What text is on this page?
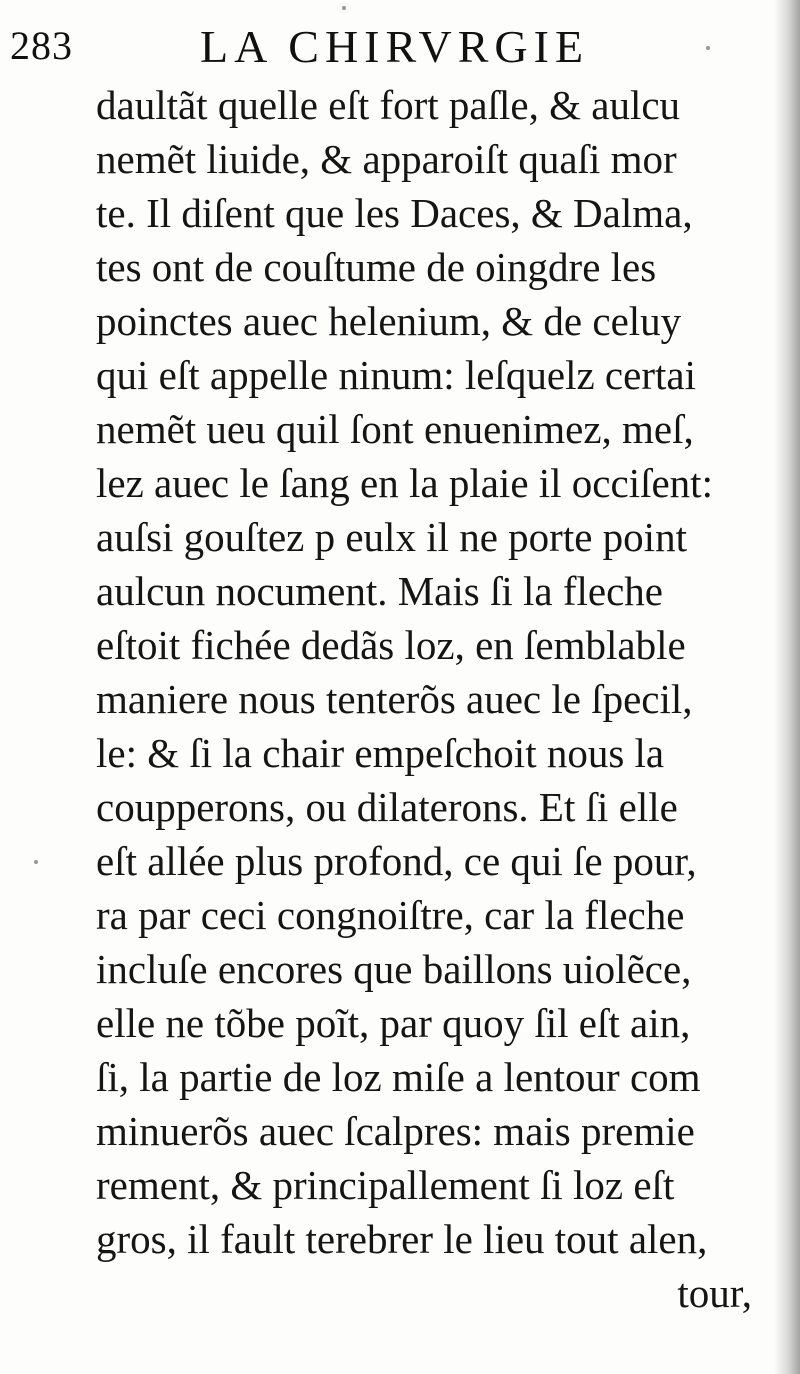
283	LA CHIRVRGIE
daultãt quelle eſt fort paſle, & aulcu
nemẽt liuide, & apparoiſt quaſi mor
te. Il diſent que les Daces, & Dalma,
tes ont de couſtume de oingdre les
poinctes auec helenium, & de celuy
qui eſt appelle ninum: leſquelz certai
nemẽt ueu quil ſont enuenimez, meſ,
lez auec le ſang en la plaie il occiſent:
auſsi gouſtez p eulx il ne porte point
aulcun nocument. Mais ſi la fleche
eſtoit fichée dedãs loz, en ſemblable
maniere nous tenterõs auec le ſpecil,
le: & ſi la chair empeſchoit nous la
coupperons, ou dilaterons. Et ſi elle
eſt allée plus profond, ce qui ſe pour,
ra par ceci congnoiſtre, car la fleche
incluſe encores que baillons uiolẽce,
elle ne tõbe poĩt, par quoy ſil eſt ain,
ſi, la partie de loz miſe a lentour com
minuerõs auec ſcalpres: mais premie
rement, & principallement ſi loz eſt
gros, il fault terebrer le lieu tout alen,
tour,
